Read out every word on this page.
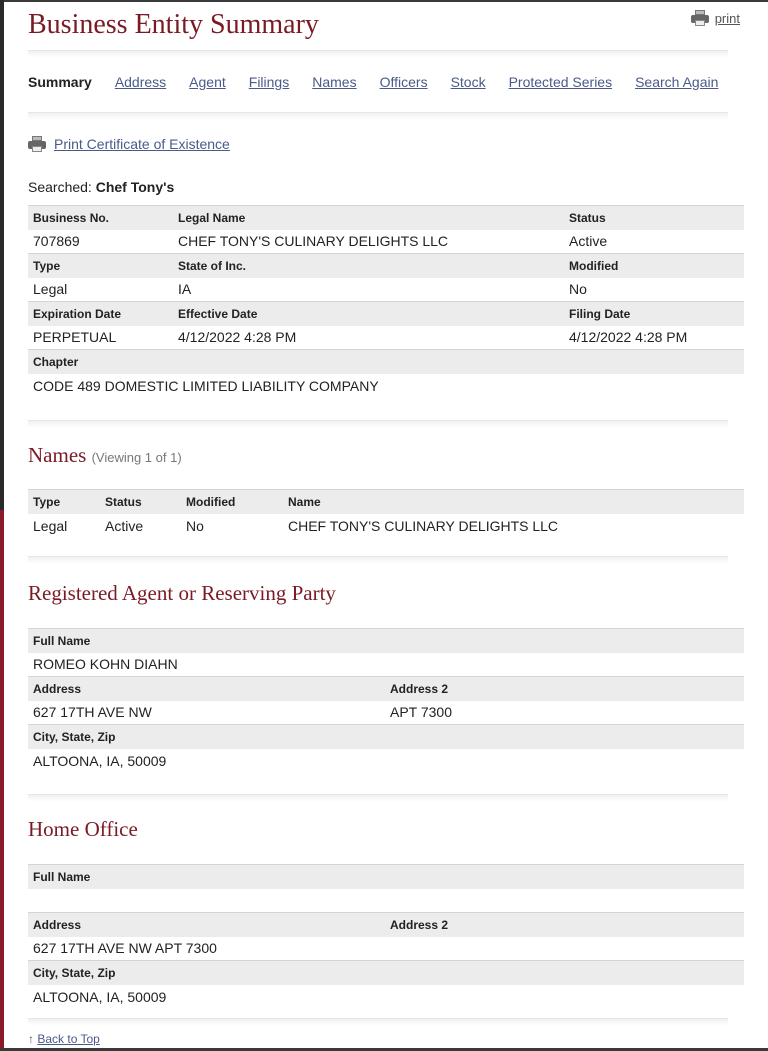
Business Entity Summary	print
Summary Address Agent Filings Names Officers Stock Protected Series Search Again
Print Certificate of Existence
Searched: Chef Tony's
Business No.	Legal Name	Status
707869	CHEF TONY'S CULINARY DELIGHTS LLC	Active
Type	State of Inc.	Modified
Legal	IA	No
Expiration Date	Effective Date	Filing Date
PERPETUAL	4/12/2022 4:28 PM	4/12/2022 4:28 PM
Chapter		
CODE 489 DOMESTIC LIMITED LIABILITY COMPANY		
Names (Viewing 1 of 1)
Type	Status	Modified	Name
Legal	Active	No	CHEF TONY'S CULINARY DELIGHTS LLC
Registered Agent or Reserving Party
Full Name	
ROMEO KOHN DIAHN	
Address	Address 2
627 17TH AVE NW	APT 7300
City, State, Zip	
ALTOONA, IA, 50009	
Home Office
Full Name	

Address	Address 2
627 17TH AVE NW APT 7300	
City, State, Zip	
ALTOONA, IA, 50009	
↑ Back to Top
